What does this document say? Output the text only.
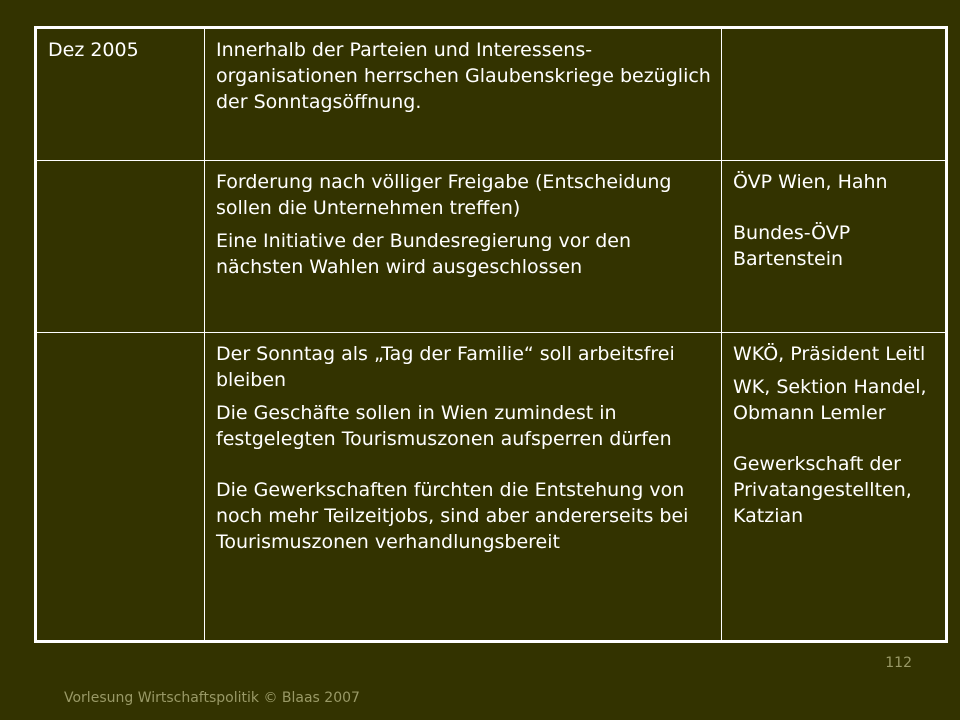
Dez 2005	Innerhalb der Parteien und Interessens-organisationen herrschen Glaubenskriege bezüglich der Sonntagsöffnung.

Forderung nach völliger Freigabe (Entscheidung sollen die Unternehmen treffen)

Eine Initiative der Bundesregierung vor den nächsten Wahlen wird ausgeschlossen

ÖVP Wien, Hahn

Bundes-ÖVP Bartenstein

Der Sonntag als „Tag der Familie“ soll arbeitsfrei bleiben

Die Geschäfte sollen in Wien zumindest in festgelegten Tourismuszonen aufsperren dürfen

Die Gewerkschaften fürchten die Entstehung von noch mehr Teilzeitjobs, sind aber andererseits bei Tourismuszonen verhandlungsbereit

WKÖ, Präsident Leitl

WK, Sektion Handel, Obmann Lemler

Gewerkschaft der Privatangestellten, Katzian

112
Vorlesung Wirtschaftspolitik © Blaas 2007
